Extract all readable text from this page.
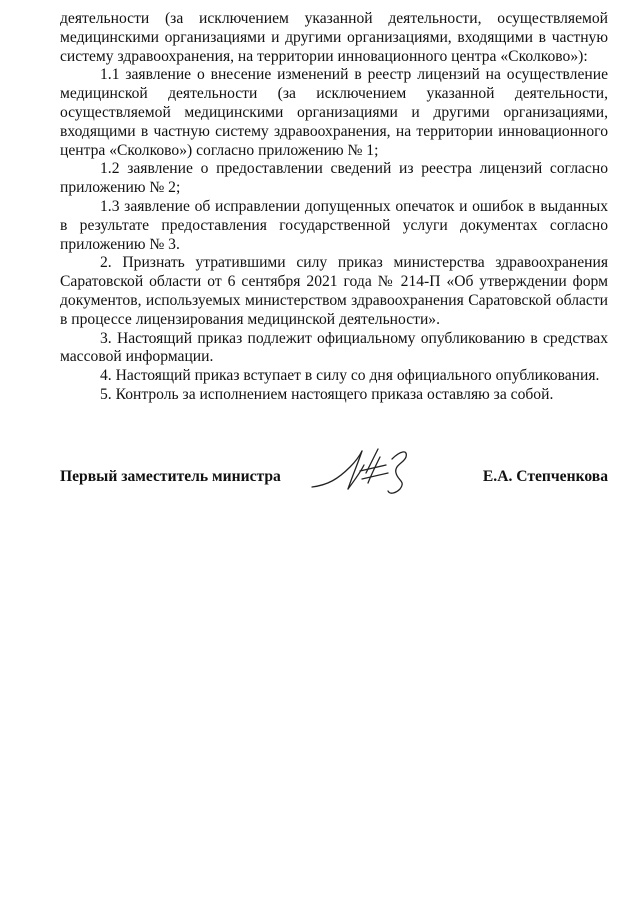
деятельности (за исключением указанной деятельности, осуществляемой медицинскими организациями и другими организациями, входящими в частную систему здравоохранения, на территории инновационного центра «Сколково»):

1.1 заявление о внесение изменений в реестр лицензий на осуществление медицинской деятельности (за исключением указанной деятельности, осуществляемой медицинскими организациями и другими организациями, входящими в частную систему здравоохранения, на территории инновационного центра «Сколково») согласно приложению № 1;

1.2 заявление о предоставлении сведений из реестра лицензий согласно приложению № 2;

1.3 заявление об исправлении допущенных опечаток и ошибок в выданных в результате предоставления государственной услуги документах согласно приложению № 3.

2. Признать утратившими силу приказ министерства здравоохранения Саратовской области от 6 сентября 2021 года № 214-П «Об утверждении форм документов, используемых министерством здравоохранения Саратовской области в процессе лицензирования медицинской деятельности».

3. Настоящий приказ подлежит официальному опубликованию в средствах массовой информации.

4. Настоящий приказ вступает в силу со дня официального опубликования.

5. Контроль за исполнением настоящего приказа оставляю за собой.

Первый заместитель министра	Е.А. Степченкова
